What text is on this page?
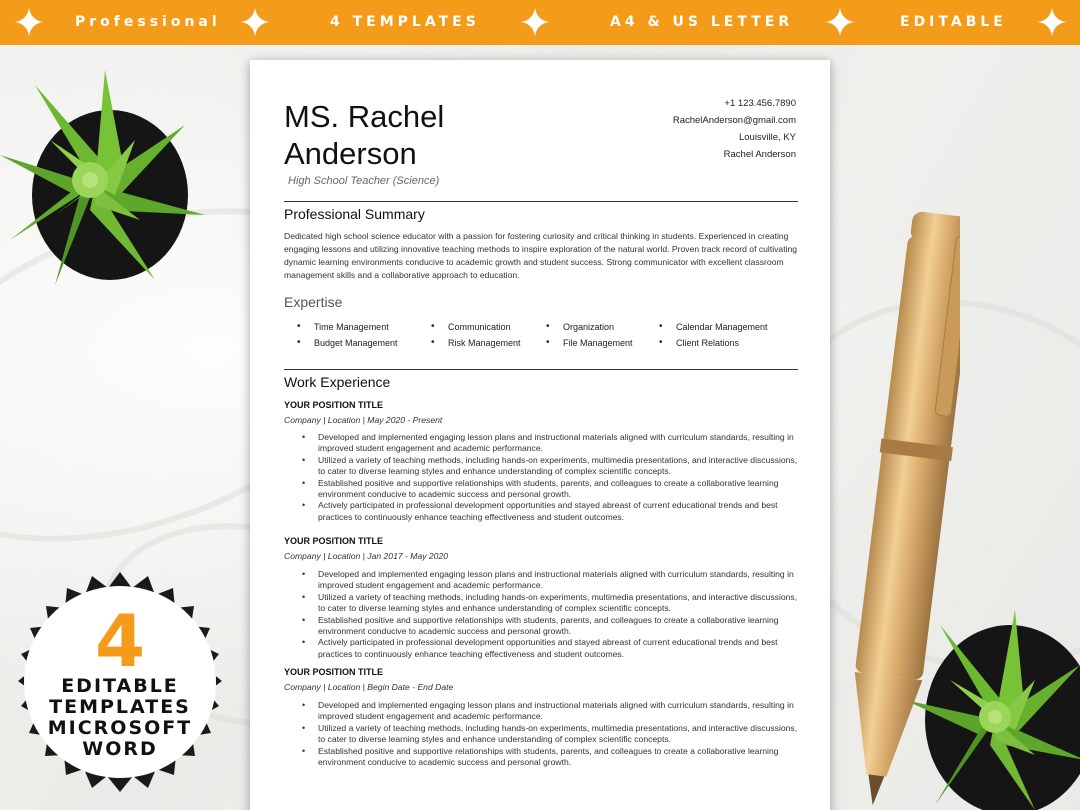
Professional	4 TEMPLATES	A4 & US LETTER	EDITABLE
4
EDITABLE
TEMPLATES
MICROSOFT
WORD
MS. Rachel
Anderson
High School Teacher (Science)
+1 123.456.7890
RachelAnderson@gmail.com
Louisville, KY
Rachel Anderson
Professional Summary
Dedicated high school science educator with a passion for fostering curiosity and critical thinking in students. Experienced in creating engaging lessons and utilizing innovative teaching methods to inspire exploration of the natural world. Proven track record of cultivating dynamic learning environments conducive to academic growth and student success. Strong communicator with excellent classroom management skills and a collaborative approach to education.
Expertise
• Time Management	• Communication	• Organization	• Calendar Management
• Budget Management	• Risk Management	• File Management	• Client Relations
Work Experience
YOUR POSITION TITLE
Company | Location | May 2020 - Present
• Developed and implemented engaging lesson plans and instructional materials aligned with curriculum standards, resulting in improved student engagement and academic performance.
• Utilized a variety of teaching methods, including hands-on experiments, multimedia presentations, and interactive discussions, to cater to diverse learning styles and enhance understanding of complex scientific concepts.
• Established positive and supportive relationships with students, parents, and colleagues to create a collaborative learning environment conducive to academic success and personal growth.
• Actively participated in professional development opportunities and stayed abreast of current educational trends and best practices to continuously enhance teaching effectiveness and student outcomes.
YOUR POSITION TITLE
Company | Location | Jan 2017 - May 2020
• Developed and implemented engaging lesson plans and instructional materials aligned with curriculum standards, resulting in improved student engagement and academic performance.
• Utilized a variety of teaching methods, including hands-on experiments, multimedia presentations, and interactive discussions, to cater to diverse learning styles and enhance understanding of complex scientific concepts.
• Established positive and supportive relationships with students, parents, and colleagues to create a collaborative learning environment conducive to academic success and personal growth.
• Actively participated in professional development opportunities and stayed abreast of current educational trends and best practices to continuously enhance teaching effectiveness and student outcomes.
YOUR POSITION TITLE
Company | Location | Begin Date - End Date
• Developed and implemented engaging lesson plans and instructional materials aligned with curriculum standards, resulting in improved student engagement and academic performance.
• Utilized a variety of teaching methods, including hands-on experiments, multimedia presentations, and interactive discussions, to cater to diverse learning styles and enhance understanding of complex scientific concepts.
• Established positive and supportive relationships with students, parents, and colleagues to create a collaborative learning environment conducive to academic success and personal growth.
